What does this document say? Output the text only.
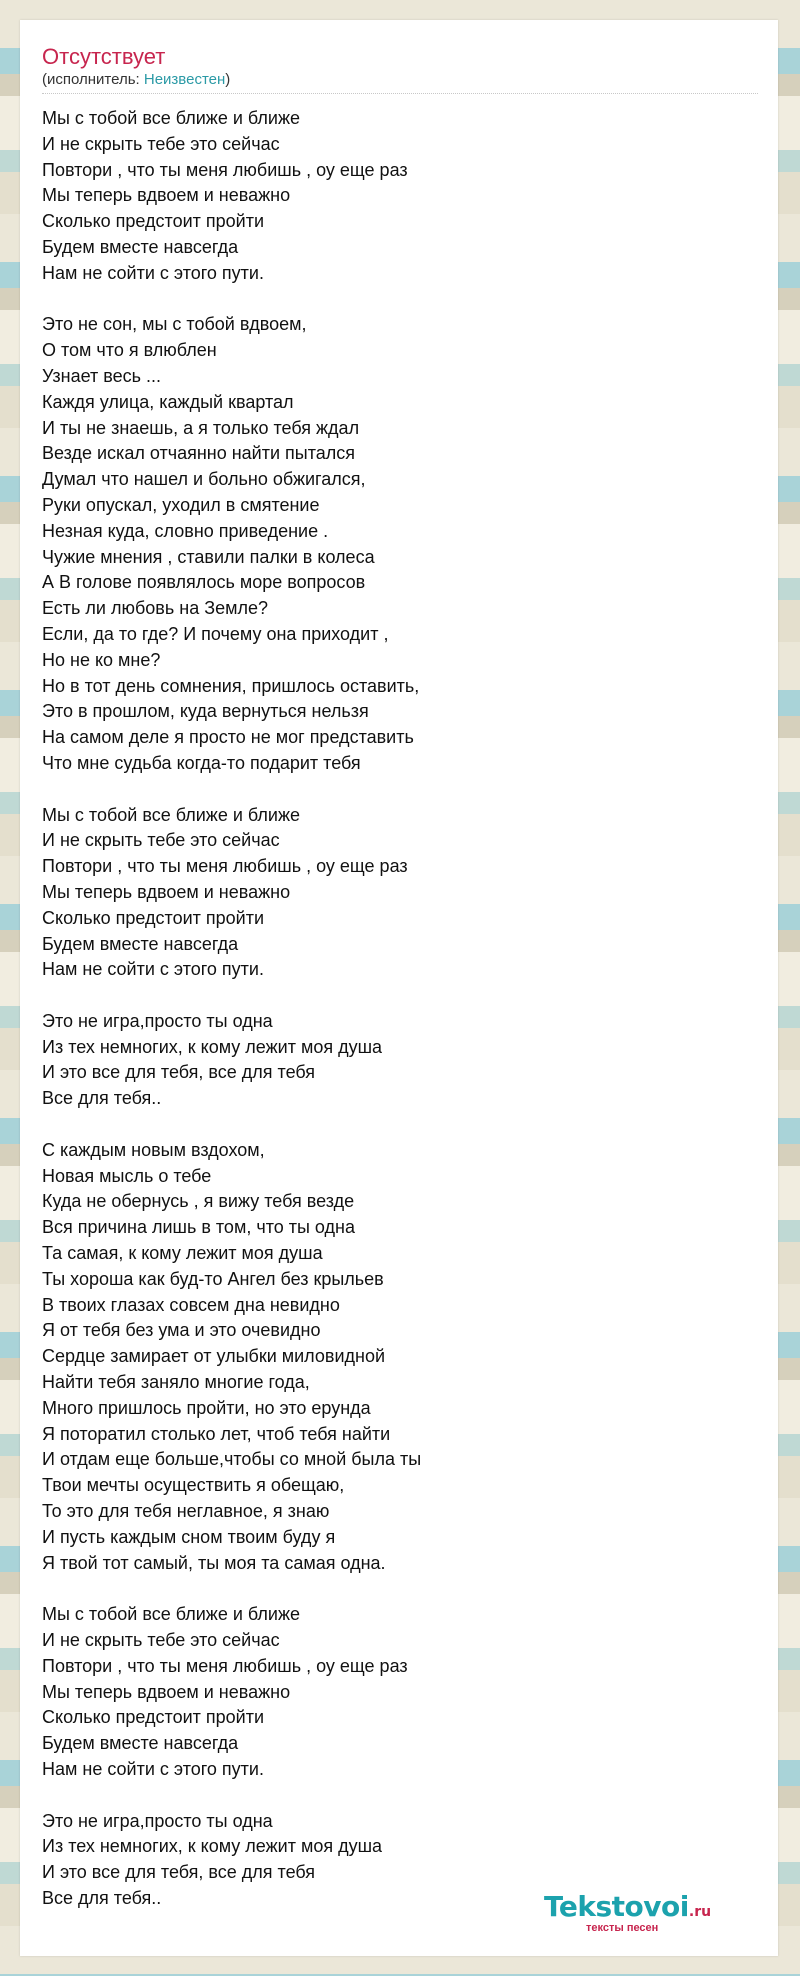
Отсутствует
(исполнитель: Неизвестен)
Мы с тобой все ближе и ближе
И не скрыть тебе это сейчас
Повтори , что ты меня любишь , оу еще раз
Мы теперь вдвоем и неважно
Сколько предстоит пройти
Будем вместе навсегда
Нам не сойти с этого пути.
Это не сон, мы с тобой вдвоем,
О том что я влюблен
Узнает весь ...
Каждя улица, каждый квартал
И ты не знаешь, а я только тебя ждал
Везде искал отчаянно найти пытался
Думал что нашел и больно обжигался,
Руки опускал, уходил в смятение
Незная куда, словно приведение .
Чужие мнения , ставили палки в колеса
А В голове появлялось море вопросов
Есть ли любовь на Земле?
Если, да то где? И почему она приходит ,
Но не ко мне?
Но в тот день сомнения, пришлось оставить,
Это в прошлом, куда вернуться нельзя
На самом деле я просто не мог представить
Что мне судьба когда-то подарит тебя
Мы с тобой все ближе и ближе
И не скрыть тебе это сейчас
Повтори , что ты меня любишь , оу еще раз
Мы теперь вдвоем и неважно
Сколько предстоит пройти
Будем вместе навсегда
Нам не сойти с этого пути.
Это не игра,просто ты одна
Из тех немногих, к кому лежит моя душа
И это все для тебя, все для тебя
Все для тебя..
С каждым новым вздохом,
Новая мысль о тебе
Куда не обернусь , я вижу тебя везде
Вся причина лишь в том, что ты одна
Та самая, к кому лежит моя душа
Ты хороша как буд-то Ангел без крыльев
В твоих глазах совсем дна невидно
Я от тебя без ума и это очевидно
Сердце замирает от улыбки миловидной
Найти тебя заняло многие года,
Много пришлось пройти, но это ерунда
Я поторатил столько лет, чтоб тебя найти
И отдам еще больше,чтобы со мной была ты
Твои мечты осуществить я обещаю,
То это для тебя неглавное, я знаю
И пусть каждым сном твоим буду я
Я твой тот самый, ты моя та самая одна.
Мы с тобой все ближе и ближе
И не скрыть тебе это сейчас
Повтори , что ты меня любишь , оу еще раз
Мы теперь вдвоем и неважно
Сколько предстоит пройти
Будем вместе навсегда
Нам не сойти с этого пути.
Это не игра,просто ты одна
Из тех немногих, к кому лежит моя душа
И это все для тебя, все для тебя
Все для тебя..	Tekstovoi.ru
тексты песен
